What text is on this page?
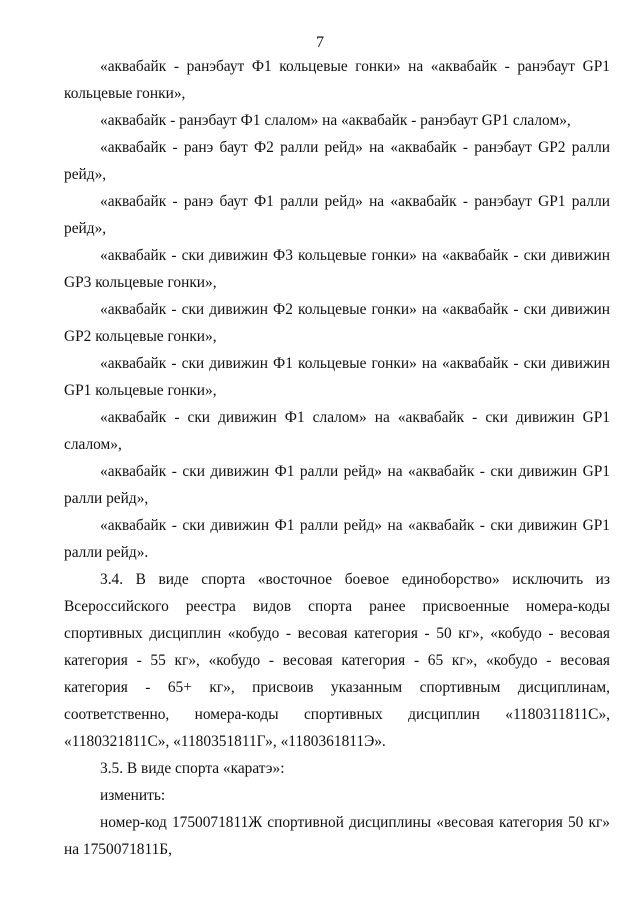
7

«аквабайк - ранэбаут Ф1 кольцевые гонки» на «аквабайк - ранэбаут GP1 кольцевые гонки»,

«аквабайк - ранэбаут Ф1 слалом» на «аквабайк - ранэбаут GP1 слалом»,

«аквабайк - ранэ баут Ф2 ралли рейд» на «аквабайк - ранэбаут GP2 ралли рейд»,

«аквабайк - ранэ баут Ф1 ралли рейд» на «аквабайк - ранэбаут GP1 ралли рейд»,

«аквабайк - ски дивижин Ф3 кольцевые гонки» на «аквабайк - ски дивижин GP3 кольцевые гонки»,

«аквабайк - ски дивижин Ф2 кольцевые гонки» на «аквабайк - ски дивижин GP2 кольцевые гонки»,

«аквабайк - ски дивижин Ф1 кольцевые гонки» на «аквабайк - ски дивижин GP1 кольцевые гонки»,

«аквабайк - ски дивижин Ф1 слалом» на «аквабайк - ски дивижин GP1 слалом»,

«аквабайк - ски дивижин Ф1 ралли рейд» на «аквабайк - ски дивижин GP1 ралли рейд»,

«аквабайк - ски дивижин Ф1 ралли рейд» на «аквабайк - ски дивижин GP1 ралли рейд».

3.4. В виде спорта «восточное боевое единоборство» исключить из Всероссийского реестра видов спорта ранее присвоенные номера-коды спортивных дисциплин «кобудо - весовая категория - 50 кг», «кобудо - весовая категория - 55 кг», «кобудо - весовая категория - 65 кг», «кобудо - весовая категория - 65+ кг», присвоив указанным спортивным дисциплинам, соответственно, номера-коды спортивных дисциплин «1180311811С», «1180321811С», «1180351811Г», «1180361811Э».

3.5. В виде спорта «каратэ»:

изменить:

номер-код 1750071811Ж спортивной дисциплины «весовая категория 50 кг» на 1750071811Б,
